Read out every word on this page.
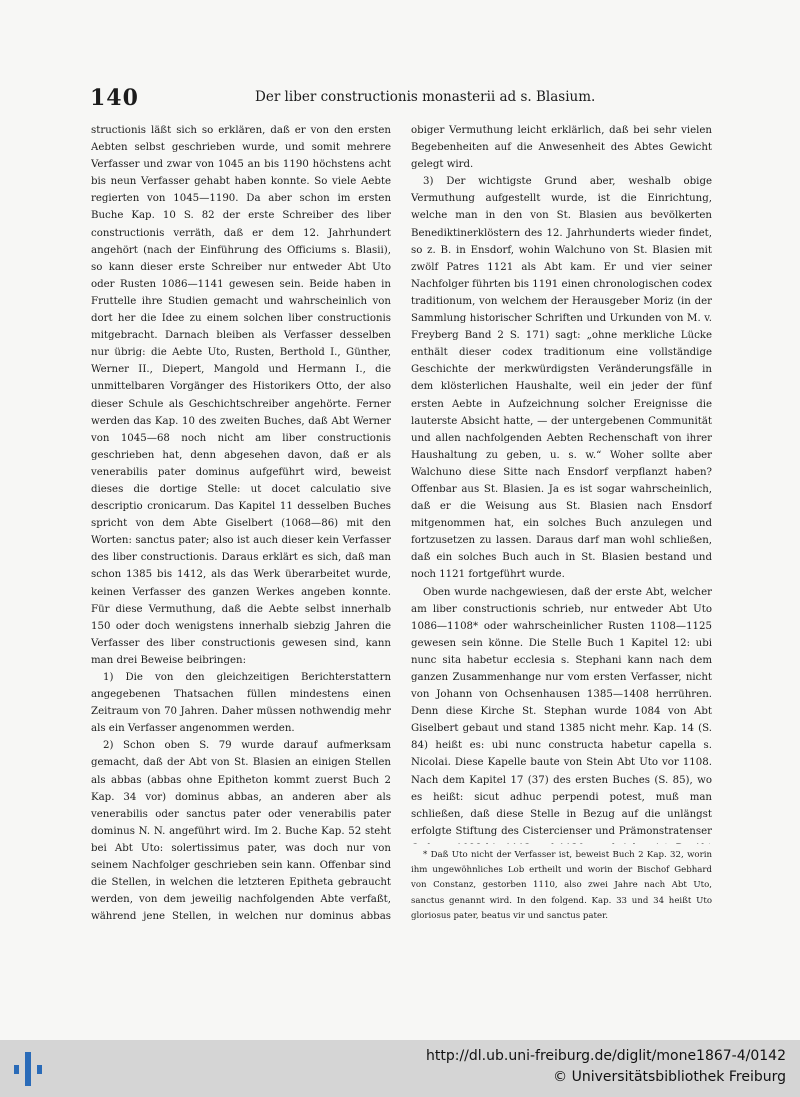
140	Der liber constructionis monasterii ad s. Blasium.

structionis läßt sich so erklären, daß er von den ersten Aebten selbst geschrieben wurde, und somit mehrere Verfasser und zwar von 1045 an bis 1190 höchstens acht bis neun Verfasser gehabt haben konnte. So viele Aebte regierten von 1045—1190. Da aber schon im ersten Buche Kap. 10 S. 82 der erste Schreiber des liber constructionis verräth, daß er dem 12. Jahrhundert angehört (nach der Einführung des Officiums s. Blasii), so kann dieser erste Schreiber nur entweder Abt Uto oder Rusten 1086—1141 gewesen sein. Beide haben in Fruttelle ihre Studien gemacht und wahrscheinlich von dort her die Idee zu einem solchen liber constructionis mitgebracht. Darnach bleiben als Verfasser desselben nur übrig: die Aebte Uto, Rusten, Berthold I., Günther, Werner II., Diepert, Mangold und Hermann I., die unmittelbaren Vorgänger des Historikers Otto, der also dieser Schule als Geschichtschreiber angehörte. Ferner werden das Kap. 10 des zweiten Buches, daß Abt Werner von 1045—68 noch nicht am liber constructionis geschrieben hat, denn abgesehen davon, daß er als venerabilis pater dominus aufgeführt wird, beweist dieses die dortige Stelle: ut docet calculatio sive descriptio cronicarum. Das Kapitel 11 desselben Buches spricht von dem Abte Giselbert (1068—86) mit den Worten: sanctus pater; also ist auch dieser kein Verfasser des liber constructionis. Daraus erklärt es sich, daß man schon 1385 bis 1412, als das Werk überarbeitet wurde, keinen Verfasser des ganzen Werkes angeben konnte. Für diese Vermuthung, daß die Aebte selbst innerhalb 150 oder doch wenigstens innerhalb siebzig Jahren die Verfasser des liber constructionis gewesen sind, kann man drei Beweise beibringen:

1) Die von den gleichzeitigen Berichterstattern angegebenen Thatsachen füllen mindestens einen Zeitraum von 70 Jahren. Daher müssen nothwendig mehr als ein Verfasser angenommen werden.

2) Schon oben S. 79 wurde darauf aufmerksam gemacht, daß der Abt von St. Blasien an einigen Stellen als abbas (abbas ohne Epitheton kommt zuerst Buch 2 Kap. 34 vor) dominus abbas, an anderen aber als venerabilis oder sanctus pater oder venerabilis pater dominus N. N. angeführt wird. Im 2. Buche Kap. 52 steht bei Abt Uto: solertissimus pater, was doch nur von seinem Nachfolger geschrieben sein kann. Offenbar sind die Stellen, in welchen die letzteren Epitheta gebraucht werden, von dem jeweilig nachfolgenden Abte verfaßt, während jene Stellen, in welchen nur dominus abbas

obiger Vermuthung leicht erklärlich, daß bei sehr vielen Begebenheiten auf die Anwesenheit des Abtes Gewicht gelegt wird.

3) Der wichtigste Grund aber, weshalb obige Vermuthung aufgestellt wurde, ist die Einrichtung, welche man in den von St. Blasien aus bevölkerten Benediktinerklöstern des 12. Jahrhunderts wieder findet, so z. B. in Ensdorf, wohin Walchuno von St. Blasien mit zwölf Patres 1121 als Abt kam. Er und vier seiner Nachfolger führten bis 1191 einen chronologischen codex traditionum, von welchem der Herausgeber Moriz (in der Sammlung historischer Schriften und Urkunden von M. v. Freyberg Band 2 S. 171) sagt: „ohne merkliche Lücke enthält dieser codex traditionum eine vollständige Geschichte der merkwürdigsten Veränderungsfälle in dem klösterlichen Haushalte, weil ein jeder der fünf ersten Aebte in Aufzeichnung solcher Ereignisse die lauterste Absicht hatte, — der untergebenen Communität und allen nachfolgenden Aebten Rechenschaft von ihrer Haushaltung zu geben, u. s. w.“ Woher sollte aber Walchuno diese Sitte nach Ensdorf verpflanzt haben? Offenbar aus St. Blasien. Ja es ist sogar wahrscheinlich, daß er die Weisung aus St. Blasien nach Ensdorf mitgenommen hat, ein solches Buch anzulegen und fortzusetzen zu lassen. Daraus darf man wohl schließen, daß ein solches Buch auch in St. Blasien bestand und noch 1121 fortgeführt wurde.

Oben wurde nachgewiesen, daß der erste Abt, welcher am liber constructionis schrieb, nur entweder Abt Uto 1086—1108* oder wahrscheinlicher Rusten 1108—1125 gewesen sein könne. Die Stelle Buch 1 Kapitel 12: ubi nunc sita habetur ecclesia s. Stephani kann nach dem ganzen Zusammenhange nur vom ersten Verfasser, nicht von Johann von Ochsenhausen 1385—1408 herrühren. Denn diese Kirche St. Stephan wurde 1084 von Abt Giselbert gebaut und stand 1385 nicht mehr. Kap. 14 (S. 84) heißt es: ubi nunc constructa habetur capella s. Nicolai. Diese Kapelle baute von Stein Abt Uto vor 1108. Nach dem Kapitel 17 (37) des ersten Buches (S. 85), wo es heißt: sicut adhuc perpendi potest, muß man schließen, daß diese Stelle in Bezug auf die unlängst erfolgte Stiftung des Cistercienser und Prämonstratenser

* Daß Uto nicht der Verfasser ist, beweist Buch 2 Kap. 32, worin ihm ungewöhnliches Lob ertheilt und worin der Bischof Gebhard von Constanz, gestorben 1110, also zwei Jahre nach Abt Uto, sanctus genannt wird. In den folgend. Kap. 33 und 34 heißt Uto gloriosus pater, beatus vir und sanctus pater.

http://dl.ub.uni-freiburg.de/diglit/mone1867-4/0142
© Universitätsbibliothek Freiburg
